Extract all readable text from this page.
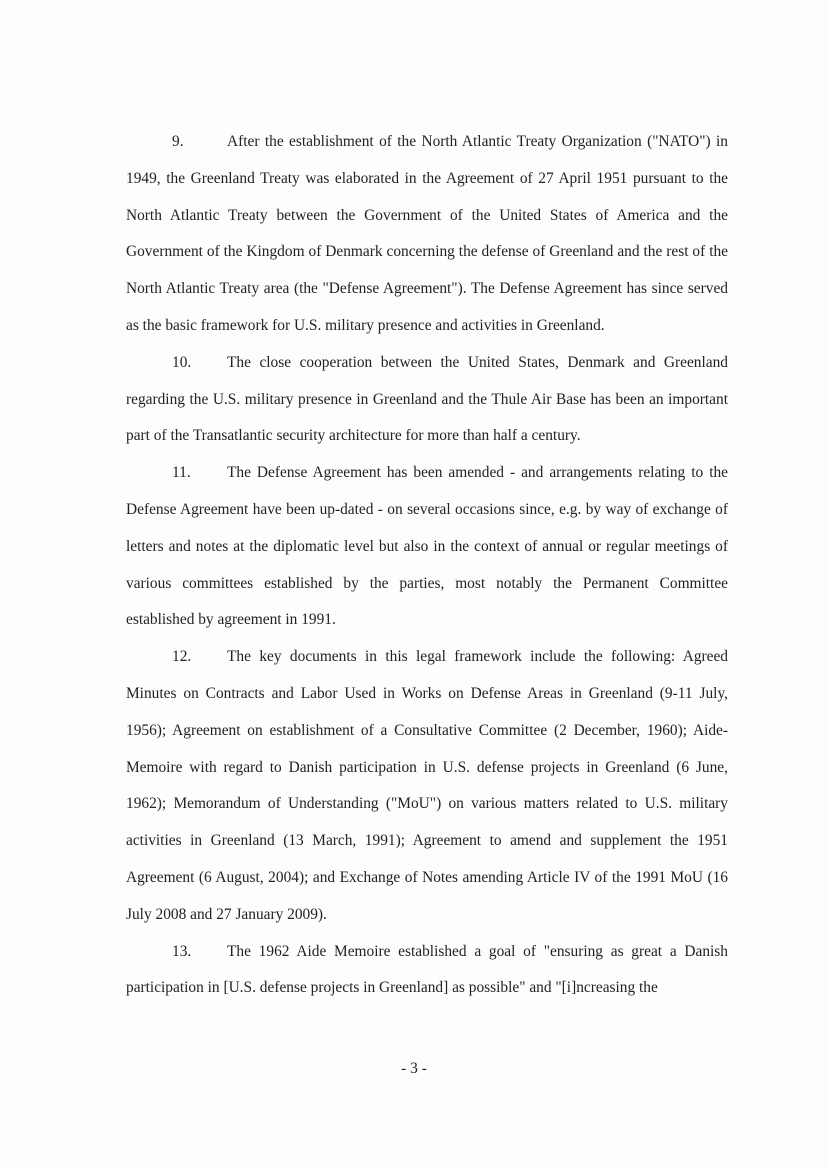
9.	After the establishment of the North Atlantic Treaty Organization ("NATO") in 1949, the Greenland Treaty was elaborated in the Agreement of 27 April 1951 pursuant to the North Atlantic Treaty between the Government of the United States of America and the Government of the Kingdom of Denmark concerning the defense of Greenland and the rest of the North Atlantic Treaty area (the "Defense Agreement"). The Defense Agreement has since served as the basic framework for U.S. military presence and activities in Greenland.

10. The close cooperation between the United States, Denmark and Greenland regarding the U.S. military presence in Greenland and the Thule Air Base has been an important part of the Transatlantic security architecture for more than half a century.

11. The Defense Agreement has been amended - and arrangements relating to the Defense Agreement have been up-dated - on several occasions since, e.g. by way of exchange of letters and notes at the diplomatic level but also in the context of annual or regular meetings of various committees established by the parties, most notably the Permanent Committee established by agreement in 1991.

12. The key documents in this legal framework include the following: Agreed Minutes on Contracts and Labor Used in Works on Defense Areas in Greenland (9-11 July, 1956); Agreement on establishment of a Consultative Committee (2 December, 1960); Aide-Memoire with regard to Danish participation in U.S. defense projects in Greenland (6 June, 1962); Memorandum of Understanding ("MoU") on various matters related to U.S. military activities in Greenland (13 March, 1991); Agreement to amend and supplement the 1951 Agreement (6 August, 2004); and Exchange of Notes amending Article IV of the 1991 MoU (16 July 2008 and 27 January 2009).

13. The 1962 Aide Memoire established a goal of "ensuring as great a Danish participation in [U.S. defense projects in Greenland] as possible" and "[i]ncreasing the

- 3 -
